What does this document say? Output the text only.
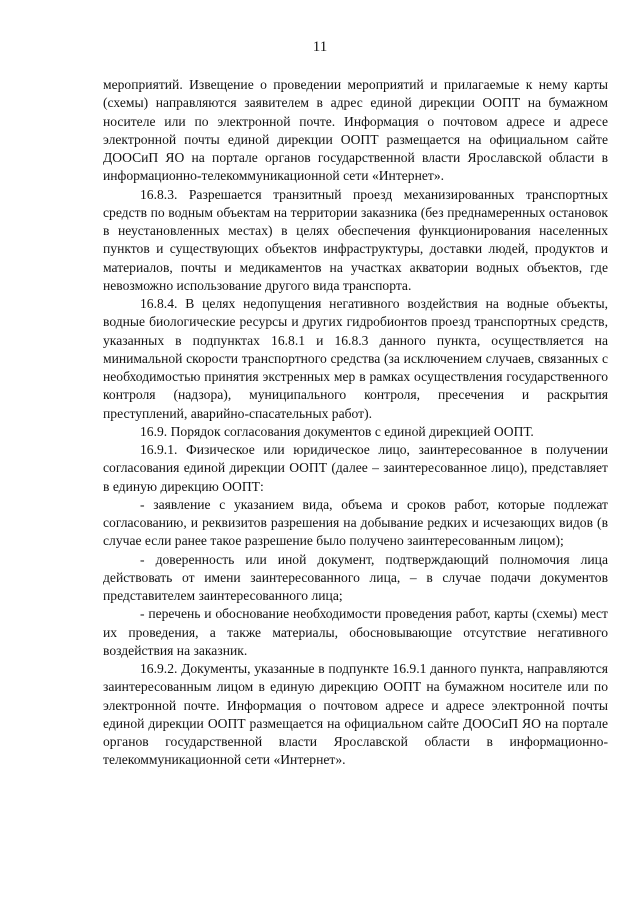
11

мероприятий. Извещение о проведении мероприятий и прилагаемые к нему карты (схемы) направляются заявителем в адрес единой дирекции ООПТ на бумажном носителе или по электронной почте. Информация о почтовом адресе и адресе электронной почты единой дирекции ООПТ размещается на официальном сайте ДООСиП ЯО на портале органов государственной власти Ярославской области в информационно-телекоммуникационной сети «Интернет».

16.8.3. Разрешается транзитный проезд механизированных транспортных средств по водным объектам на территории заказника (без преднамеренных остановок в неустановленных местах) в целях обеспечения функционирования населенных пунктов и существующих объектов инфраструктуры, доставки людей, продуктов и материалов, почты и медикаментов на участках акватории водных объектов, где невозможно использование другого вида транспорта.

16.8.4. В целях недопущения негативного воздействия на водные объекты, водные биологические ресурсы и других гидробионтов проезд транспортных средств, указанных в подпунктах 16.8.1 и 16.8.3 данного пункта, осуществляется на минимальной скорости транспортного средства (за исключением случаев, связанных с необходимостью принятия экстренных мер в рамках осуществления государственного контроля (надзора), муниципального контроля, пресечения и раскрытия преступлений, аварийно-спасательных работ).

16.9. Порядок согласования документов с единой дирекцией ООПТ.

16.9.1. Физическое или юридическое лицо, заинтересованное в получении согласования единой дирекции ООПТ (далее – заинтересованное лицо), представляет в единую дирекцию ООПТ:

- заявление с указанием вида, объема и сроков работ, которые подлежат согласованию, и реквизитов разрешения на добывание редких и исчезающих видов (в случае если ранее такое разрешение было получено заинтересованным лицом);

- доверенность или иной документ, подтверждающий полномочия лица действовать от имени заинтересованного лица, – в случае подачи документов представителем заинтересованного лица;

- перечень и обоснование необходимости проведения работ, карты (схемы) мест их проведения, а также материалы, обосновывающие отсутствие негативного воздействия на заказник.

16.9.2. Документы, указанные в подпункте 16.9.1 данного пункта, направляются заинтересованным лицом в единую дирекцию ООПТ на бумажном носителе или по электронной почте. Информация о почтовом адресе и адресе электронной почты единой дирекции ООПТ размещается на официальном сайте ДООСиП ЯО на портале органов государственной власти Ярославской области в информационно-телекоммуникационной сети «Интернет».
